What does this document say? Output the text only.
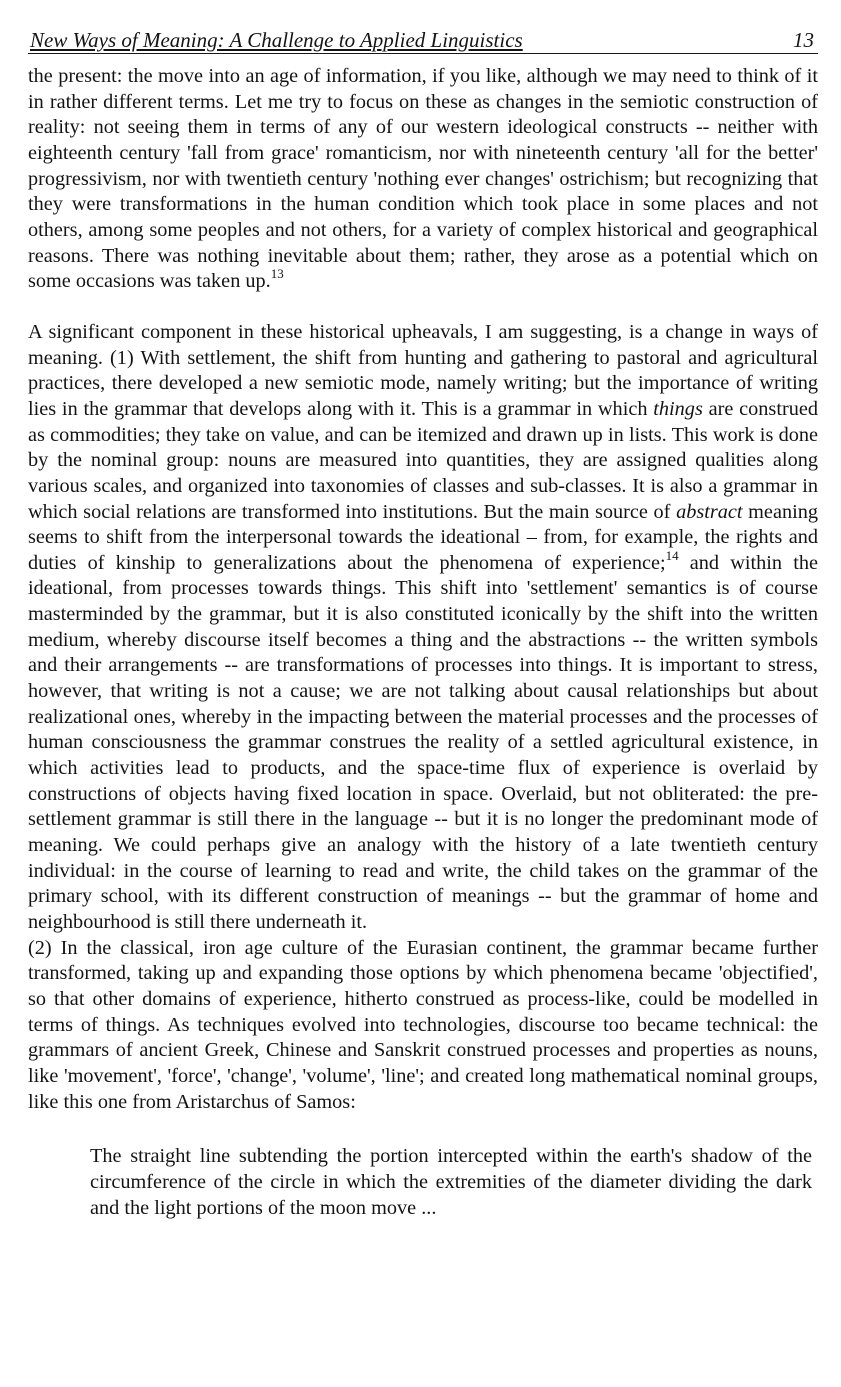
New Ways of Meaning: A Challenge to Applied Linguistics	13

the present: the move into an age of information, if you like, although we may need to think of it in rather different terms. Let me try to focus on these as changes in the semiotic construction of reality: not seeing them in terms of any of our western ideological constructs -- neither with eighteenth century 'fall from grace' romanticism, nor with nineteenth century 'all for the better' progressivism, nor with twentieth century 'nothing ever changes' ostrichism; but recognizing that they were transformations in the human condition which took place in some places and not others, among some peoples and not others, for a variety of complex historical and geographical reasons. There was nothing inevitable about them; rather, they arose as a potential which on some occasions was taken up.$^{13}$

A significant component in these historical upheavals, I am suggesting, is a change in ways of meaning. (1) With settlement, the shift from hunting and gathering to pastoral and agricultural practices, there developed a new semiotic mode, namely writing; but the importance of writing lies in the grammar that develops along with it. This is a grammar in which things are construed as commodities; they take on value, and can be itemized and drawn up in lists. This work is done by the nominal group: nouns are measured into quantities, they are assigned qualities along various scales, and organized into taxonomies of classes and sub-classes. It is also a grammar in which social relations are transformed into institutions. But the main source of abstract meaning seems to shift from the interpersonal towards the ideational – from, for example, the rights and duties of kinship to generalizations about the phenomena of experience;$^{14}$ and within the ideational, from processes towards things. This shift into 'settlement' semantics is of course masterminded by the grammar, but it is also constituted iconically by the shift into the written medium, whereby discourse itself becomes a thing and the abstractions -- the written symbols and their arrangements -- are transformations of processes into things. It is important to stress, however, that writing is not a cause; we are not talking about causal relationships but about realizational ones, whereby in the impacting between the material processes and the processes of human consciousness the grammar construes the reality of a settled agricultural existence, in which activities lead to products, and the space-time flux of experience is overlaid by constructions of objects having fixed location in space. Overlaid, but not obliterated: the pre-settlement grammar is still there in the language -- but it is no longer the predominant mode of meaning. We could perhaps give an analogy with the history of a late twentieth century individual: in the course of learning to read and write, the child takes on the grammar of the primary school, with its different construction of meanings -- but the grammar of home and neighbourhood is still there underneath it.

(2) In the classical, iron age culture of the Eurasian continent, the grammar became further transformed, taking up and expanding those options by which phenomena became 'objectified', so that other domains of experience, hitherto construed as process-like, could be modelled in terms of things. As techniques evolved into technologies, discourse too became technical: the grammars of ancient Greek, Chinese and Sanskrit construed processes and properties as nouns, like 'movement', 'force', 'change', 'volume', 'line'; and created long mathematical nominal groups, like this one from Aristarchus of Samos:

The straight line subtending the portion intercepted within the earth's shadow of the circumference of the circle in which the extremities of the diameter dividing the dark and the light portions of the moon move ...
